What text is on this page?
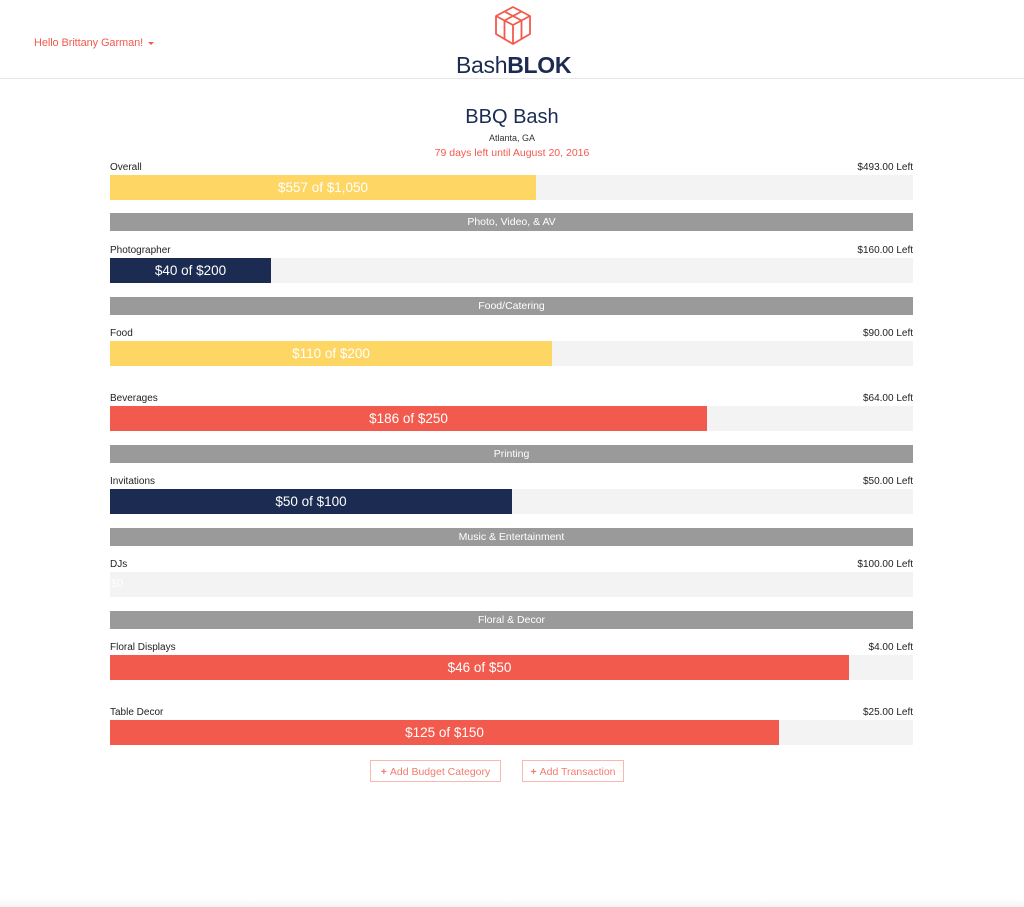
Hello Brittany Garman!
BashBLOK
BBQ Bash
Atlanta, GA
79 days left until August 20, 2016
Overall	$493.00 Left
$557 of $1,050
Photo, Video, & AV
Photographer	$160.00 Left
$40 of $200
Food/Catering
Food	$90.00 Left
$110 of $200
Beverages	$64.00 Left
$186 of $250
Printing
Invitations	$50.00 Left
$50 of $100
Music & Entertainment
DJs	$100.00 Left
$0
Floral & Decor
Floral Displays	$4.00 Left
$46 of $50
Table Decor	$25.00 Left
$125 of $150
+ Add Budget Category	+ Add Transaction
